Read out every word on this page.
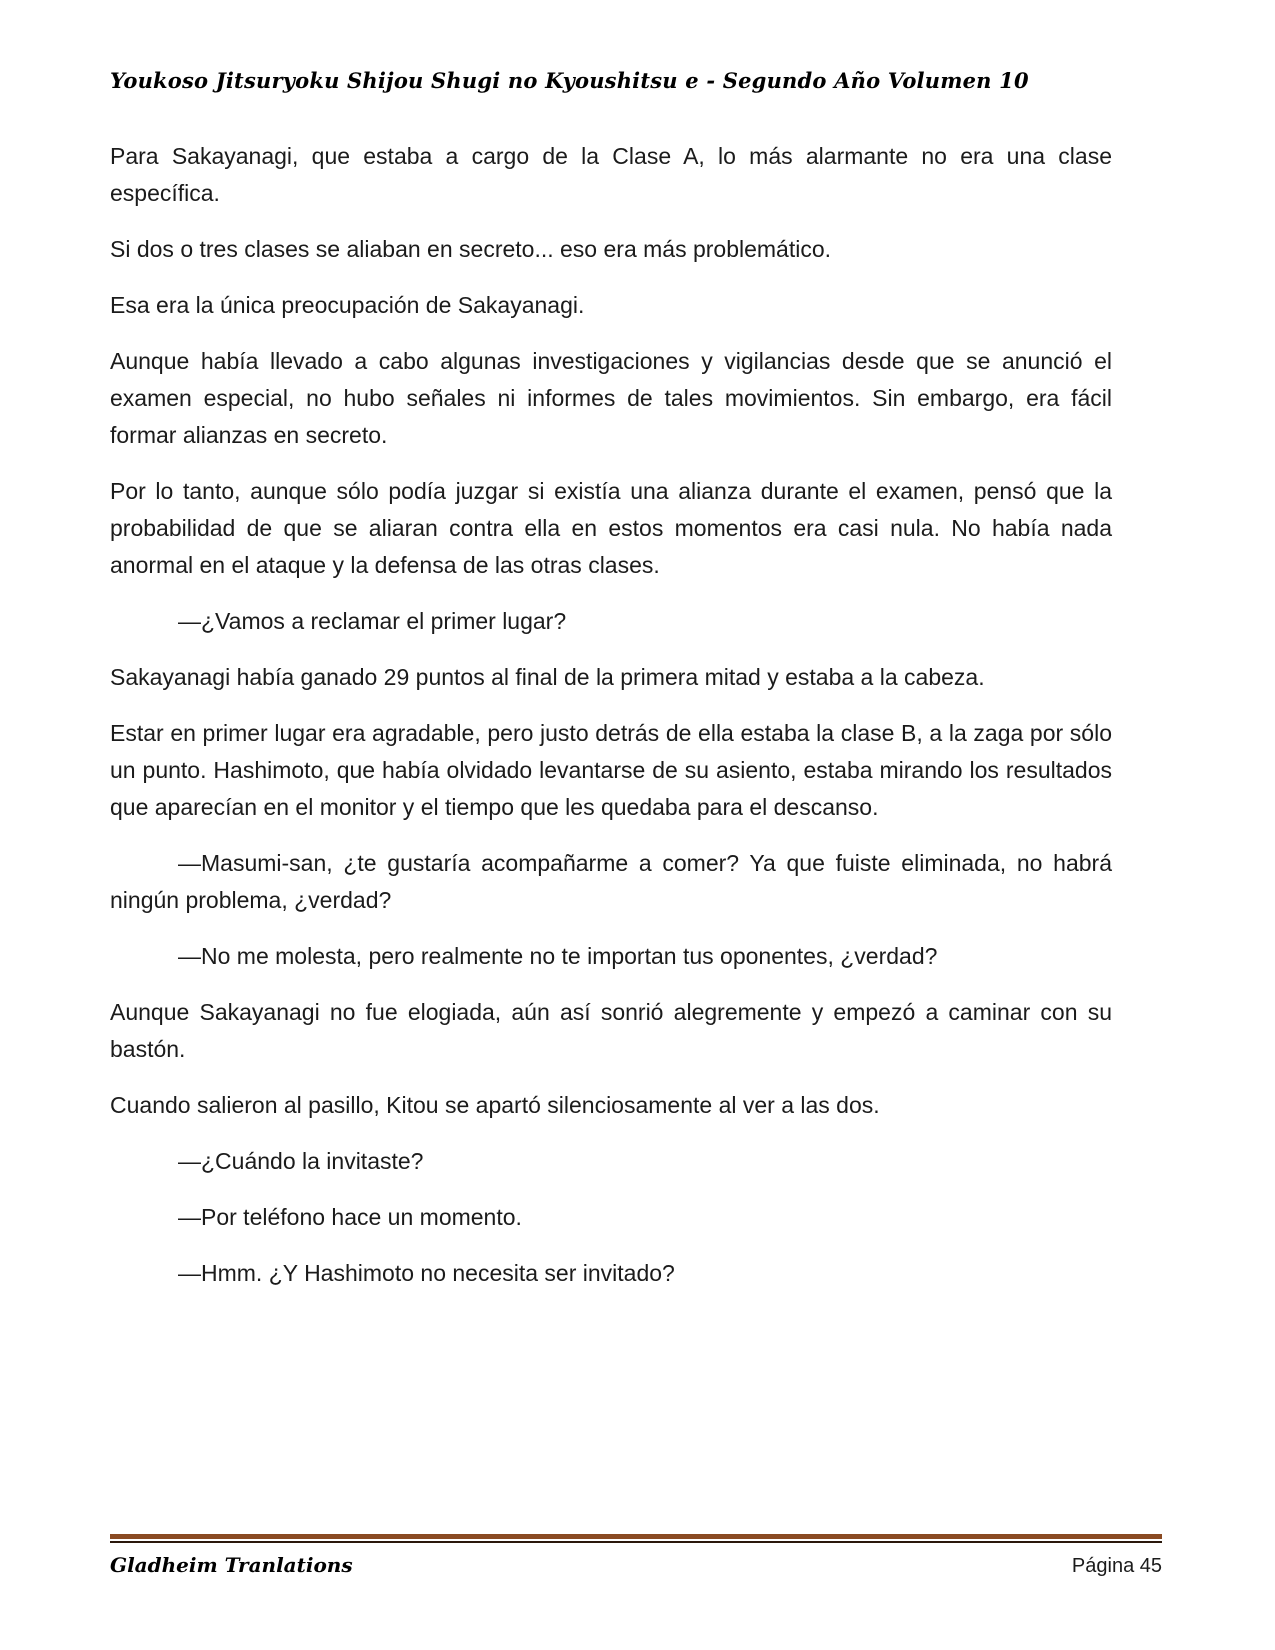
Youkoso Jitsuryoku Shijou Shugi no Kyoushitsu e - Segundo Año Volumen 10

Para Sakayanagi, que estaba a cargo de la Clase A, lo más alarmante no era una clase específica.

Si dos o tres clases se aliaban en secreto... eso era más problemático.

Esa era la única preocupación de Sakayanagi.

Aunque había llevado a cabo algunas investigaciones y vigilancias desde que se anunció el examen especial, no hubo señales ni informes de tales movimientos. Sin embargo, era fácil formar alianzas en secreto.

Por lo tanto, aunque sólo podía juzgar si existía una alianza durante el examen, pensó que la probabilidad de que se aliaran contra ella en estos momentos era casi nula. No había nada anormal en el ataque y la defensa de las otras clases.

—¿Vamos a reclamar el primer lugar?

Sakayanagi había ganado 29 puntos al final de la primera mitad y estaba a la cabeza.

Estar en primer lugar era agradable, pero justo detrás de ella estaba la clase B, a la zaga por sólo un punto. Hashimoto, que había olvidado levantarse de su asiento, estaba mirando los resultados que aparecían en el monitor y el tiempo que les quedaba para el descanso.

—Masumi-san, ¿te gustaría acompañarme a comer? Ya que fuiste eliminada, no habrá ningún problema, ¿verdad?

—No me molesta, pero realmente no te importan tus oponentes, ¿verdad?

Aunque Sakayanagi no fue elogiada, aún así sonrió alegremente y empezó a caminar con su bastón.

Cuando salieron al pasillo, Kitou se apartó silenciosamente al ver a las dos.

—¿Cuándo la invitaste?

—Por teléfono hace un momento.

—Hmm. ¿Y Hashimoto no necesita ser invitado?

Gladheim Tranlations	Página 45
